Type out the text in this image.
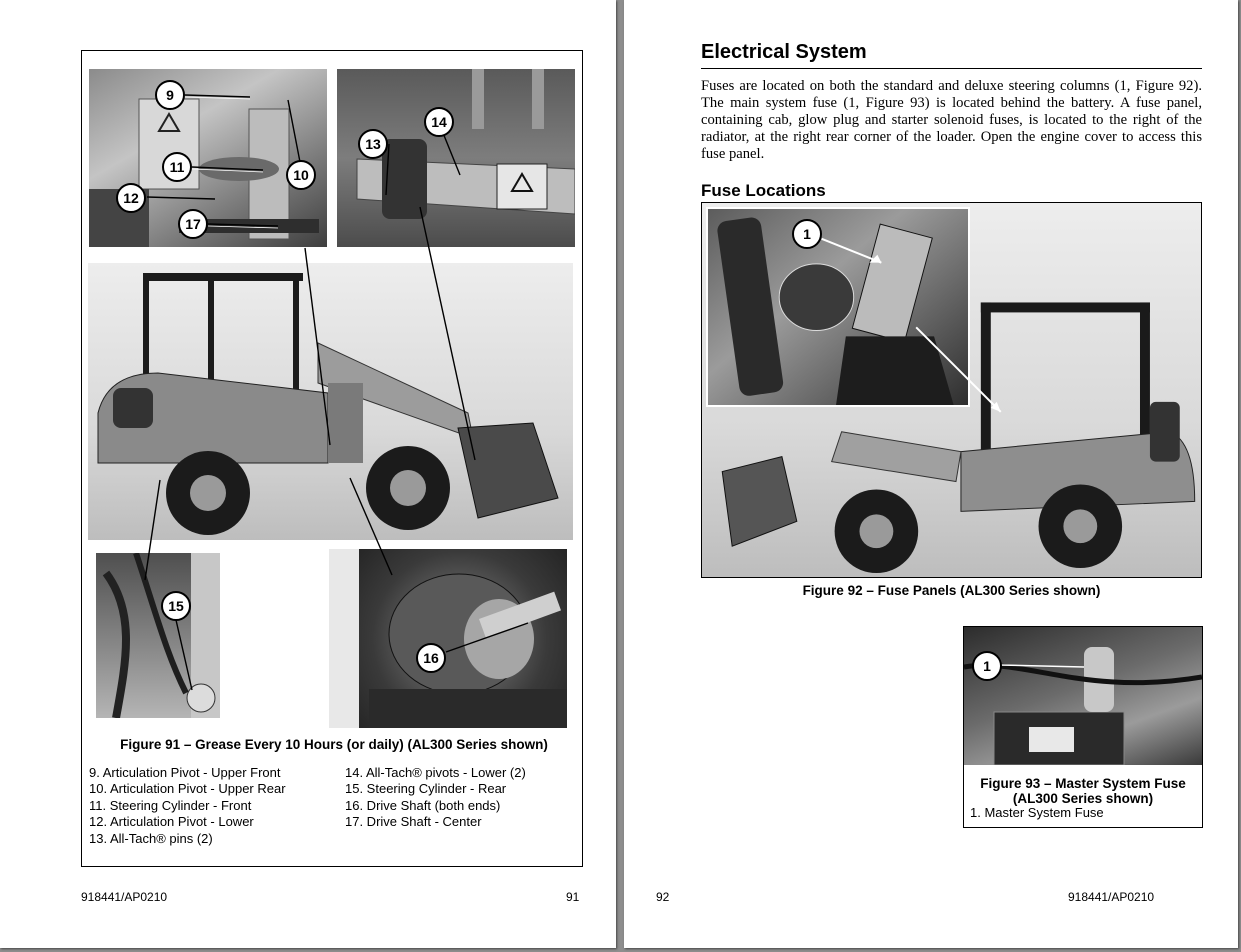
9
10
11
12
17
13
14
15
16
Figure 91 – Grease Every 10 Hours (or daily) (AL300 Series shown)
9. Articulation Pivot - Upper Front
10. Articulation Pivot - Upper Rear
11. Steering Cylinder - Front
12. Articulation Pivot - Lower
13. All-Tach® pins (2)
14. All-Tach® pivots - Lower (2)
15. Steering Cylinder - Rear
16. Drive Shaft (both ends)
17. Drive Shaft - Center
918441/AP0210	91
Electrical System

Fuses are located on both the standard and deluxe steering columns (1, Figure 92). The main system fuse (1, Figure 93) is located behind the battery. A fuse panel, containing cab, glow plug and starter solenoid fuses, is located to the right of the radiator, at the right rear corner of the loader. Open the engine cover to access this fuse panel.

Fuse Locations
1
Figure 92 – Fuse Panels (AL300 Series shown)
1
Figure 93 – Master System Fuse
(AL300 Series shown)
1. Master System Fuse
92	918441/AP0210
